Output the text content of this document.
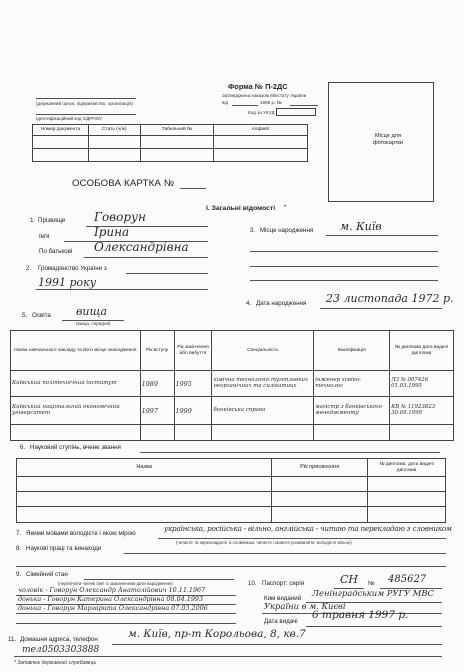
Форма № П-2ДС
Затверджена наказом Мінстату України
від	1995 р. №
Код за УКУД
(державний орган, підприємство, організація)
Ідентифікаційний код ЄДРПОУ
Місце для фотокартки
Номер документа	Стать (ч/ж)	Табельний №	Алфавіт

ОСОБОВА КАРТКА №
І. Загальні відомості *
1. Прізвище Говорун
Ім'я	Ірина
По батькові Олександрівна
3. Місце народження м. Київ
2. Громадянство України з
1991 року
4. Дата народження 23 листопада 1972 р.
5. Освіта вища
(вища, середня)
Назва навчального закладу та його місце знаходження	Рік вступу	Рік закінчення або вибуття	Спеціальність	Кваліфікація	№ диплома дата видачі диплома
Київський політехнічний інститут	1989	1995	хімічна технологія тугоплавких неорганічних та силікатних	інженер хіміко-технолог	ЛЗ № 007426 01.03.1995
Київський національний економічний університет	1997	1999	банківська справа	магістр з банківського менеджменту	КВ № 11923823 30.09.1999

6. Науковий ступінь, вчене звання
Назва	Рік присвоєння	№ диплома, дата видачі диплома

7. Якими мовами володієте і якою мірою
українська, російська - вільно, англійська - читаю та перекладаю з словником
(читаєте та перекладаєте зі словником, читаєте і можете розмовляти, володієте вільно)
8. Наукові праці та винаходи
9. Сімейний стан
(перелічити членів сім'ї із зазначенням дати народження)
чоловік - Говорун Олександр Анатолійович 10.11.1967
донька - Говорун Катерина Олександрівна 08.04.1993
донька - Говорун Маргарита Олександрівна 07.03.2006
10. Паспорт: серія	СН № 485627
Ким виданий
Ленінградським РУГУ МВС
України в м. Києві
Дата видачі
6 травня 1997 р.
11. Домашня адреса, телефон	м. Київ, пр-т Корольова, 8, кв.7
тел.
0503303888
* Заповнює державний службовець
